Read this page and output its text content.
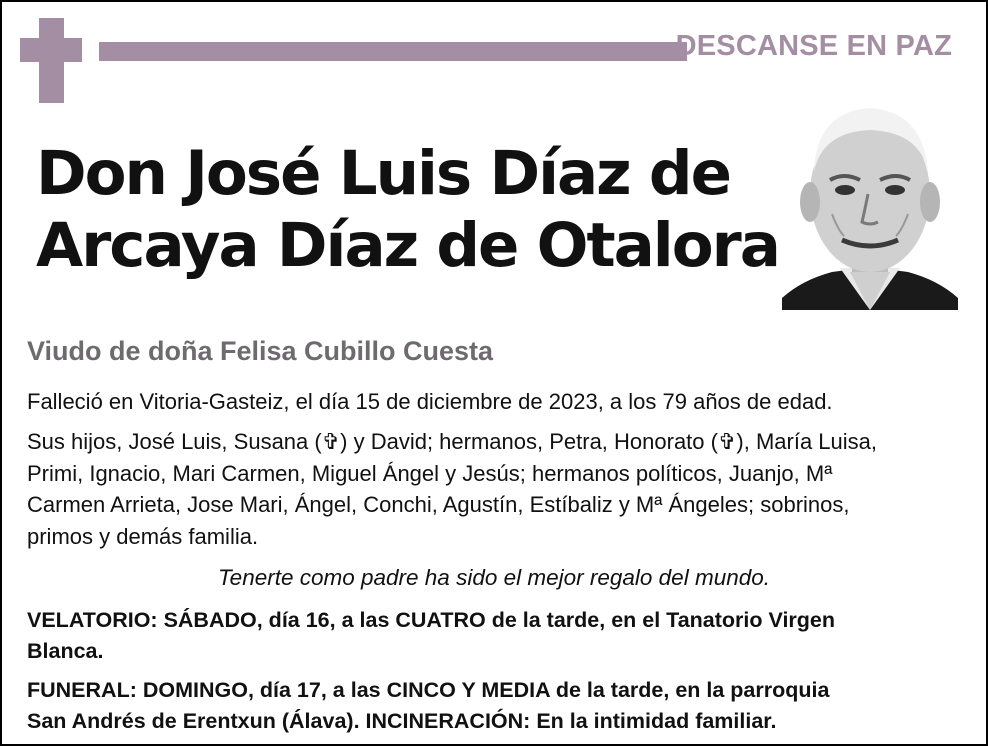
DESCANSE EN PAZ
Don José Luis Díaz de
Arcaya Díaz de Otalora
Viudo de doña Felisa Cubillo Cuesta
Falleció en Vitoria-Gasteiz, el día 15 de diciembre de 2023, a los 79 años de edad.
Sus hijos, José Luis, Susana (✞) y David; hermanos, Petra, Honorato (✞), María Luisa,
Primi, Ignacio, Mari Carmen, Miguel Ángel y Jesús; hermanos políticos, Juanjo, Mª
Carmen Arrieta, Jose Mari, Ángel, Conchi, Agustín, Estíbaliz y Mª Ángeles; sobrinos,
primos y demás familia.
Tenerte como padre ha sido el mejor regalo del mundo.
VELATORIO: SÁBADO, día 16, a las CUATRO de la tarde, en el Tanatorio Virgen
Blanca.
FUNERAL: DOMINGO, día 17, a las CINCO Y MEDIA de la tarde, en la parroquia
San Andrés de Erentxun (Álava). INCINERACIÓN: En la intimidad familiar.
